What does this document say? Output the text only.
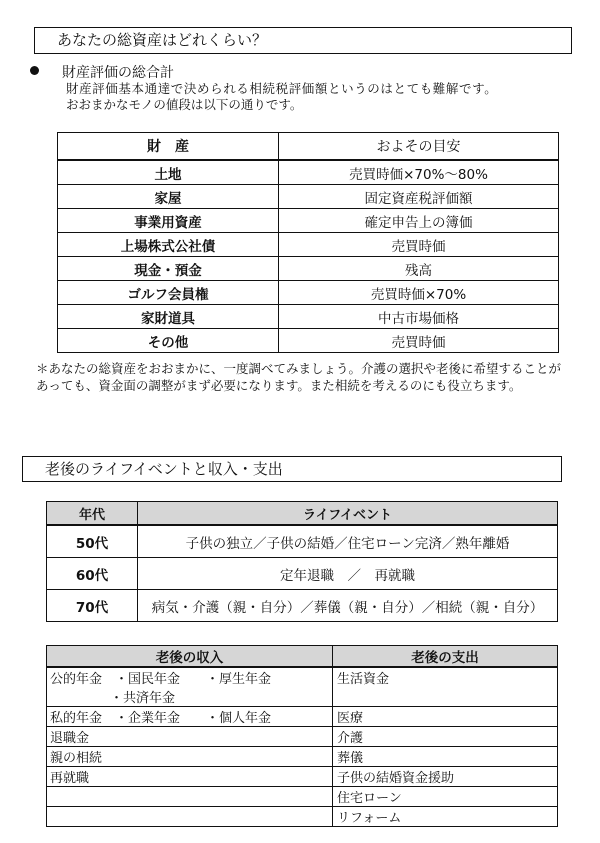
あなたの総資産はどれくらい？
財産評価の総合計
財産評価基本通達で決められる相続税評価額というのはとても難解です。
おおまかなモノの値段は以下の通りです。
財　産	およその目安
土地	売買時価×70%～80%
家屋	固定資産税評価額
事業用資産	確定申告上の簿価
上場株式公社債	売買時価
現金・預金	残高
ゴルフ会員権	売買時価×70%
家財道具	中古市場価格
その他	売買時価
＊あなたの総資産をおおまかに、一度調べてみましょう。介護の選択や老後に希望することが
あっても、資金面の調整がまず必要になります。また相続を考えるのにも役立ちます。
老後のライフイベントと収入・支出
年代	ライフイベント
50代	子供の独立／子供の結婚／住宅ローン完済／熟年離婚
60代	定年退職　／　再就職
70代	病気・介護（親・自分）／葬儀（親・自分）／相続（親・自分）
老後の収入	老後の支出

公的年金　・国民年金　　・厚生年金
・共済年金	生活資金
私的年金　・企業年金　　・個人年金	医療
退職金	介護
親の相続	葬儀
再就職	子供の結婚資金援助
	住宅ローン
	リフォーム
